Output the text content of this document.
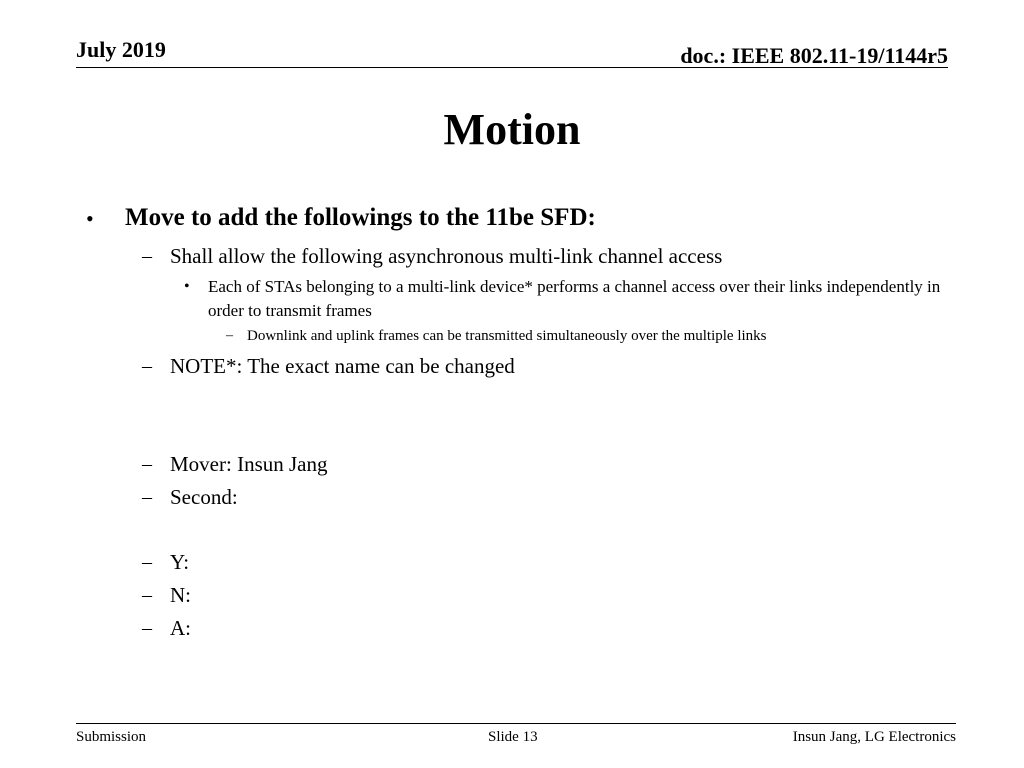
July 2019	doc.: IEEE 802.11-19/1144r5
Motion
• Move to add the followings to the 11be SFD:
– Shall allow the following asynchronous multi-link channel access
• Each of STAs belonging to a multi-link device* performs a channel access over their links independently in order to transmit frames
– Downlink and uplink frames can be transmitted simultaneously over the multiple links
– NOTE*: The exact name can be changed
– Mover: Insun Jang
– Second:
– Y:
– N:
– A:
Submission	Slide 13	Insun Jang, LG Electronics
